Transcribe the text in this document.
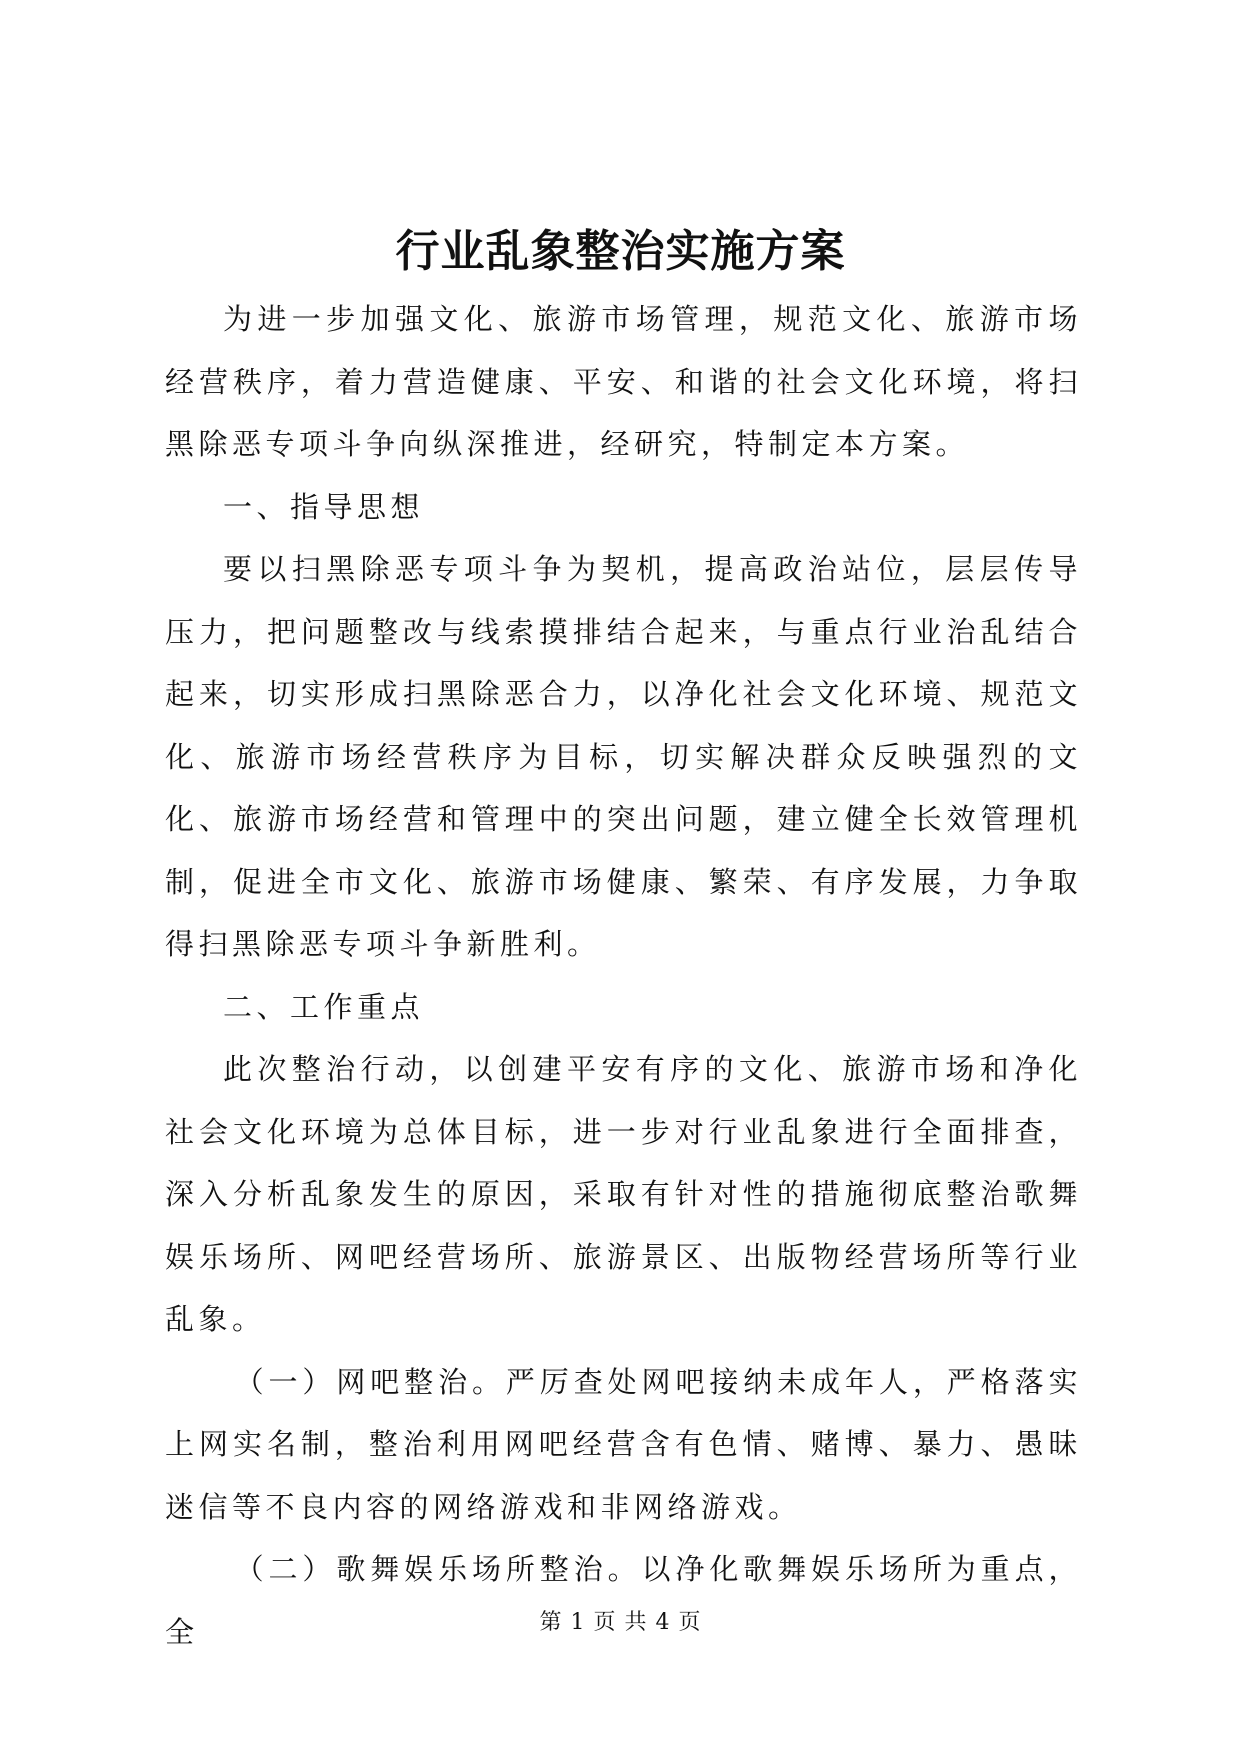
行业乱象整治实施方案

为进一步加强文化、旅游市场管理，规范文化、旅游市场经营秩序，着力营造健康、平安、和谐的社会文化环境，将扫黑除恶专项斗争向纵深推进，经研究，特制定本方案。

一、指导思想

要以扫黑除恶专项斗争为契机，提高政治站位，层层传导压力，把问题整改与线索摸排结合起来，与重点行业治乱结合起来，切实形成扫黑除恶合力，以净化社会文化环境、规范文化、旅游市场经营秩序为目标，切实解决群众反映强烈的文化、旅游市场经营和管理中的突出问题，建立健全长效管理机制，促进全市文化、旅游市场健康、繁荣、有序发展，力争取得扫黑除恶专项斗争新胜利。

二、工作重点

此次整治行动，以创建平安有序的文化、旅游市场和净化社会文化环境为总体目标，进一步对行业乱象进行全面排查，深入分析乱象发生的原因，采取有针对性的措施彻底整治歌舞娱乐场所、网吧经营场所、旅游景区、出版物经营场所等行业乱象。

（一）网吧整治。严厉查处网吧接纳未成年人，严格落实上网实名制，整治利用网吧经营含有色情、赌博、暴力、愚昧迷信等不良内容的网络游戏和非网络游戏。

（二）歌舞娱乐场所整治。以净化歌舞娱乐场所为重点，全	第 1 页 共 4 页
